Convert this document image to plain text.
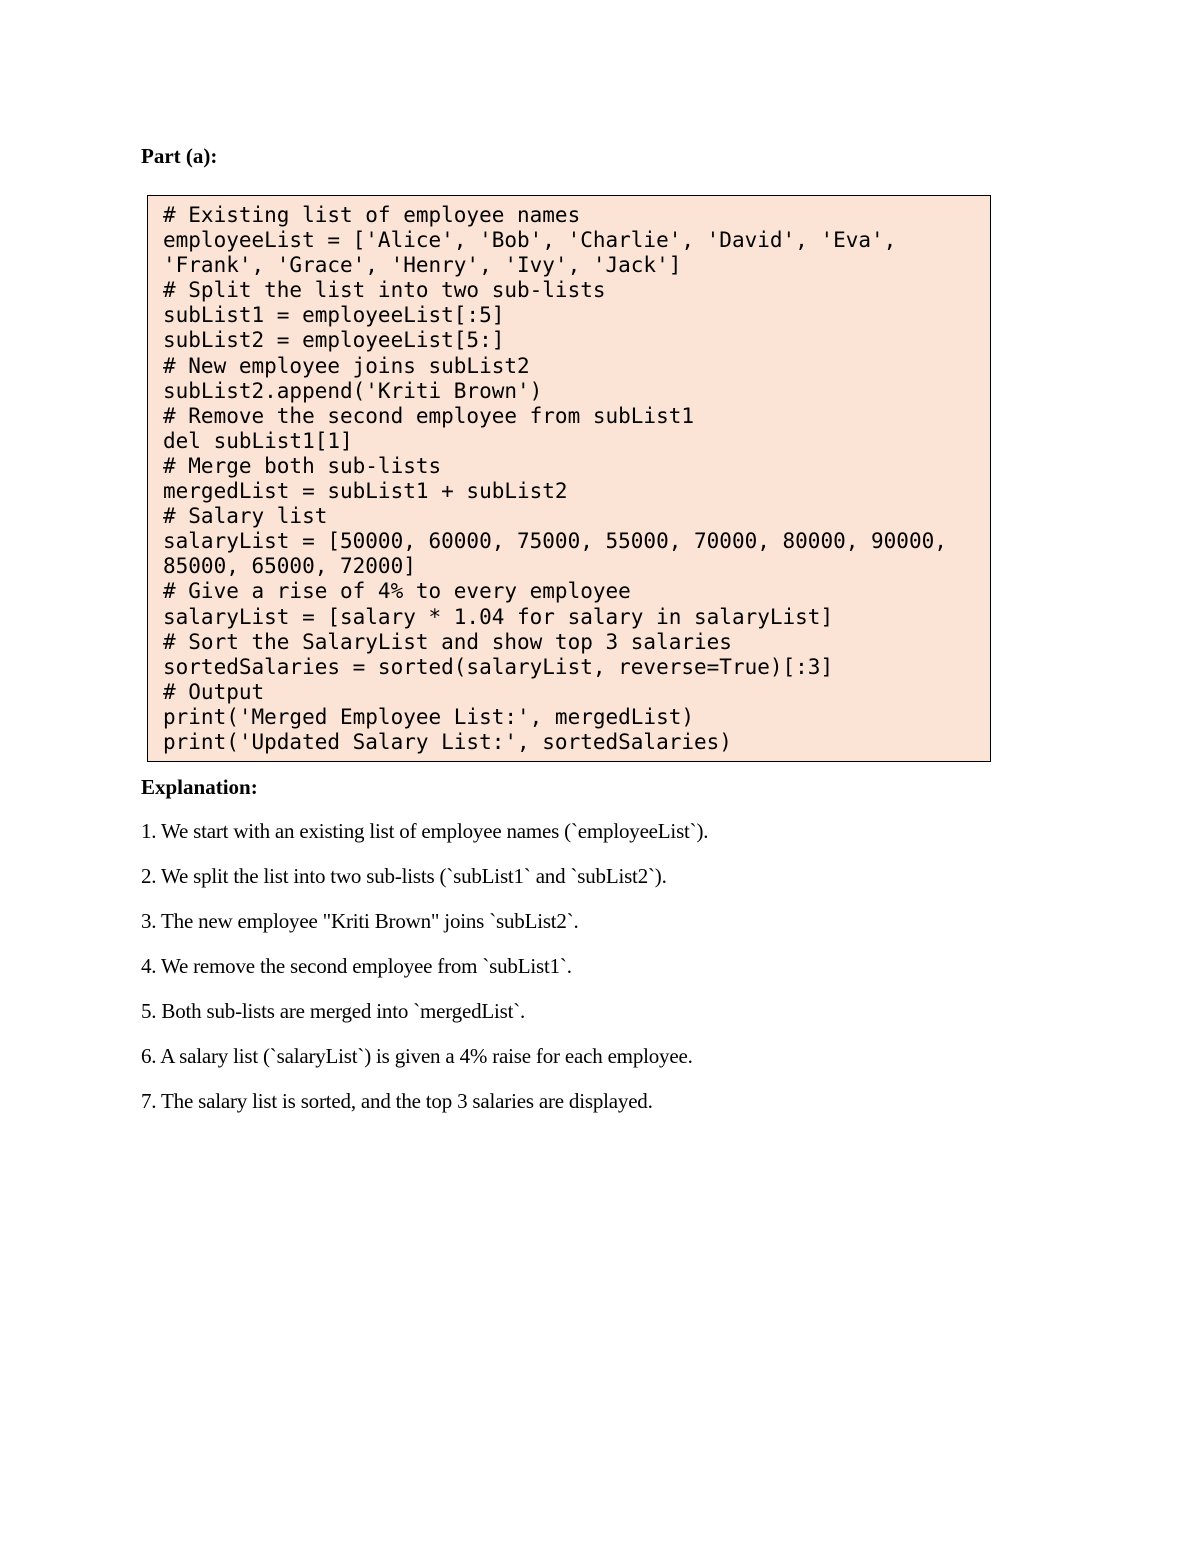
Part (a):
# Existing list of employee names
employeeList = ['Alice', 'Bob', 'Charlie', 'David', 'Eva',
'Frank', 'Grace', 'Henry', 'Ivy', 'Jack']
# Split the list into two sub-lists
subList1 = employeeList[:5]
subList2 = employeeList[5:]
# New employee joins subList2
subList2.append('Kriti Brown')
# Remove the second employee from subList1
del subList1[1]
# Merge both sub-lists
mergedList = subList1 + subList2
# Salary list
salaryList = [50000, 60000, 75000, 55000, 70000, 80000, 90000,
85000, 65000, 72000]
# Give a rise of 4% to every employee
salaryList = [salary * 1.04 for salary in salaryList]
# Sort the SalaryList and show top 3 salaries
sortedSalaries = sorted(salaryList, reverse=True)[:3]
# Output
print('Merged Employee List:', mergedList)
print('Updated Salary List:', sortedSalaries)
Explanation:
1. We start with an existing list of employee names (`employeeList`).
2. We split the list into two sub-lists (`subList1` and `subList2`).
3. The new employee "Kriti Brown" joins `subList2`.
4. We remove the second employee from `subList1`.
5. Both sub-lists are merged into `mergedList`.
6. A salary list (`salaryList`) is given a 4% raise for each employee.
7. The salary list is sorted, and the top 3 salaries are displayed.
